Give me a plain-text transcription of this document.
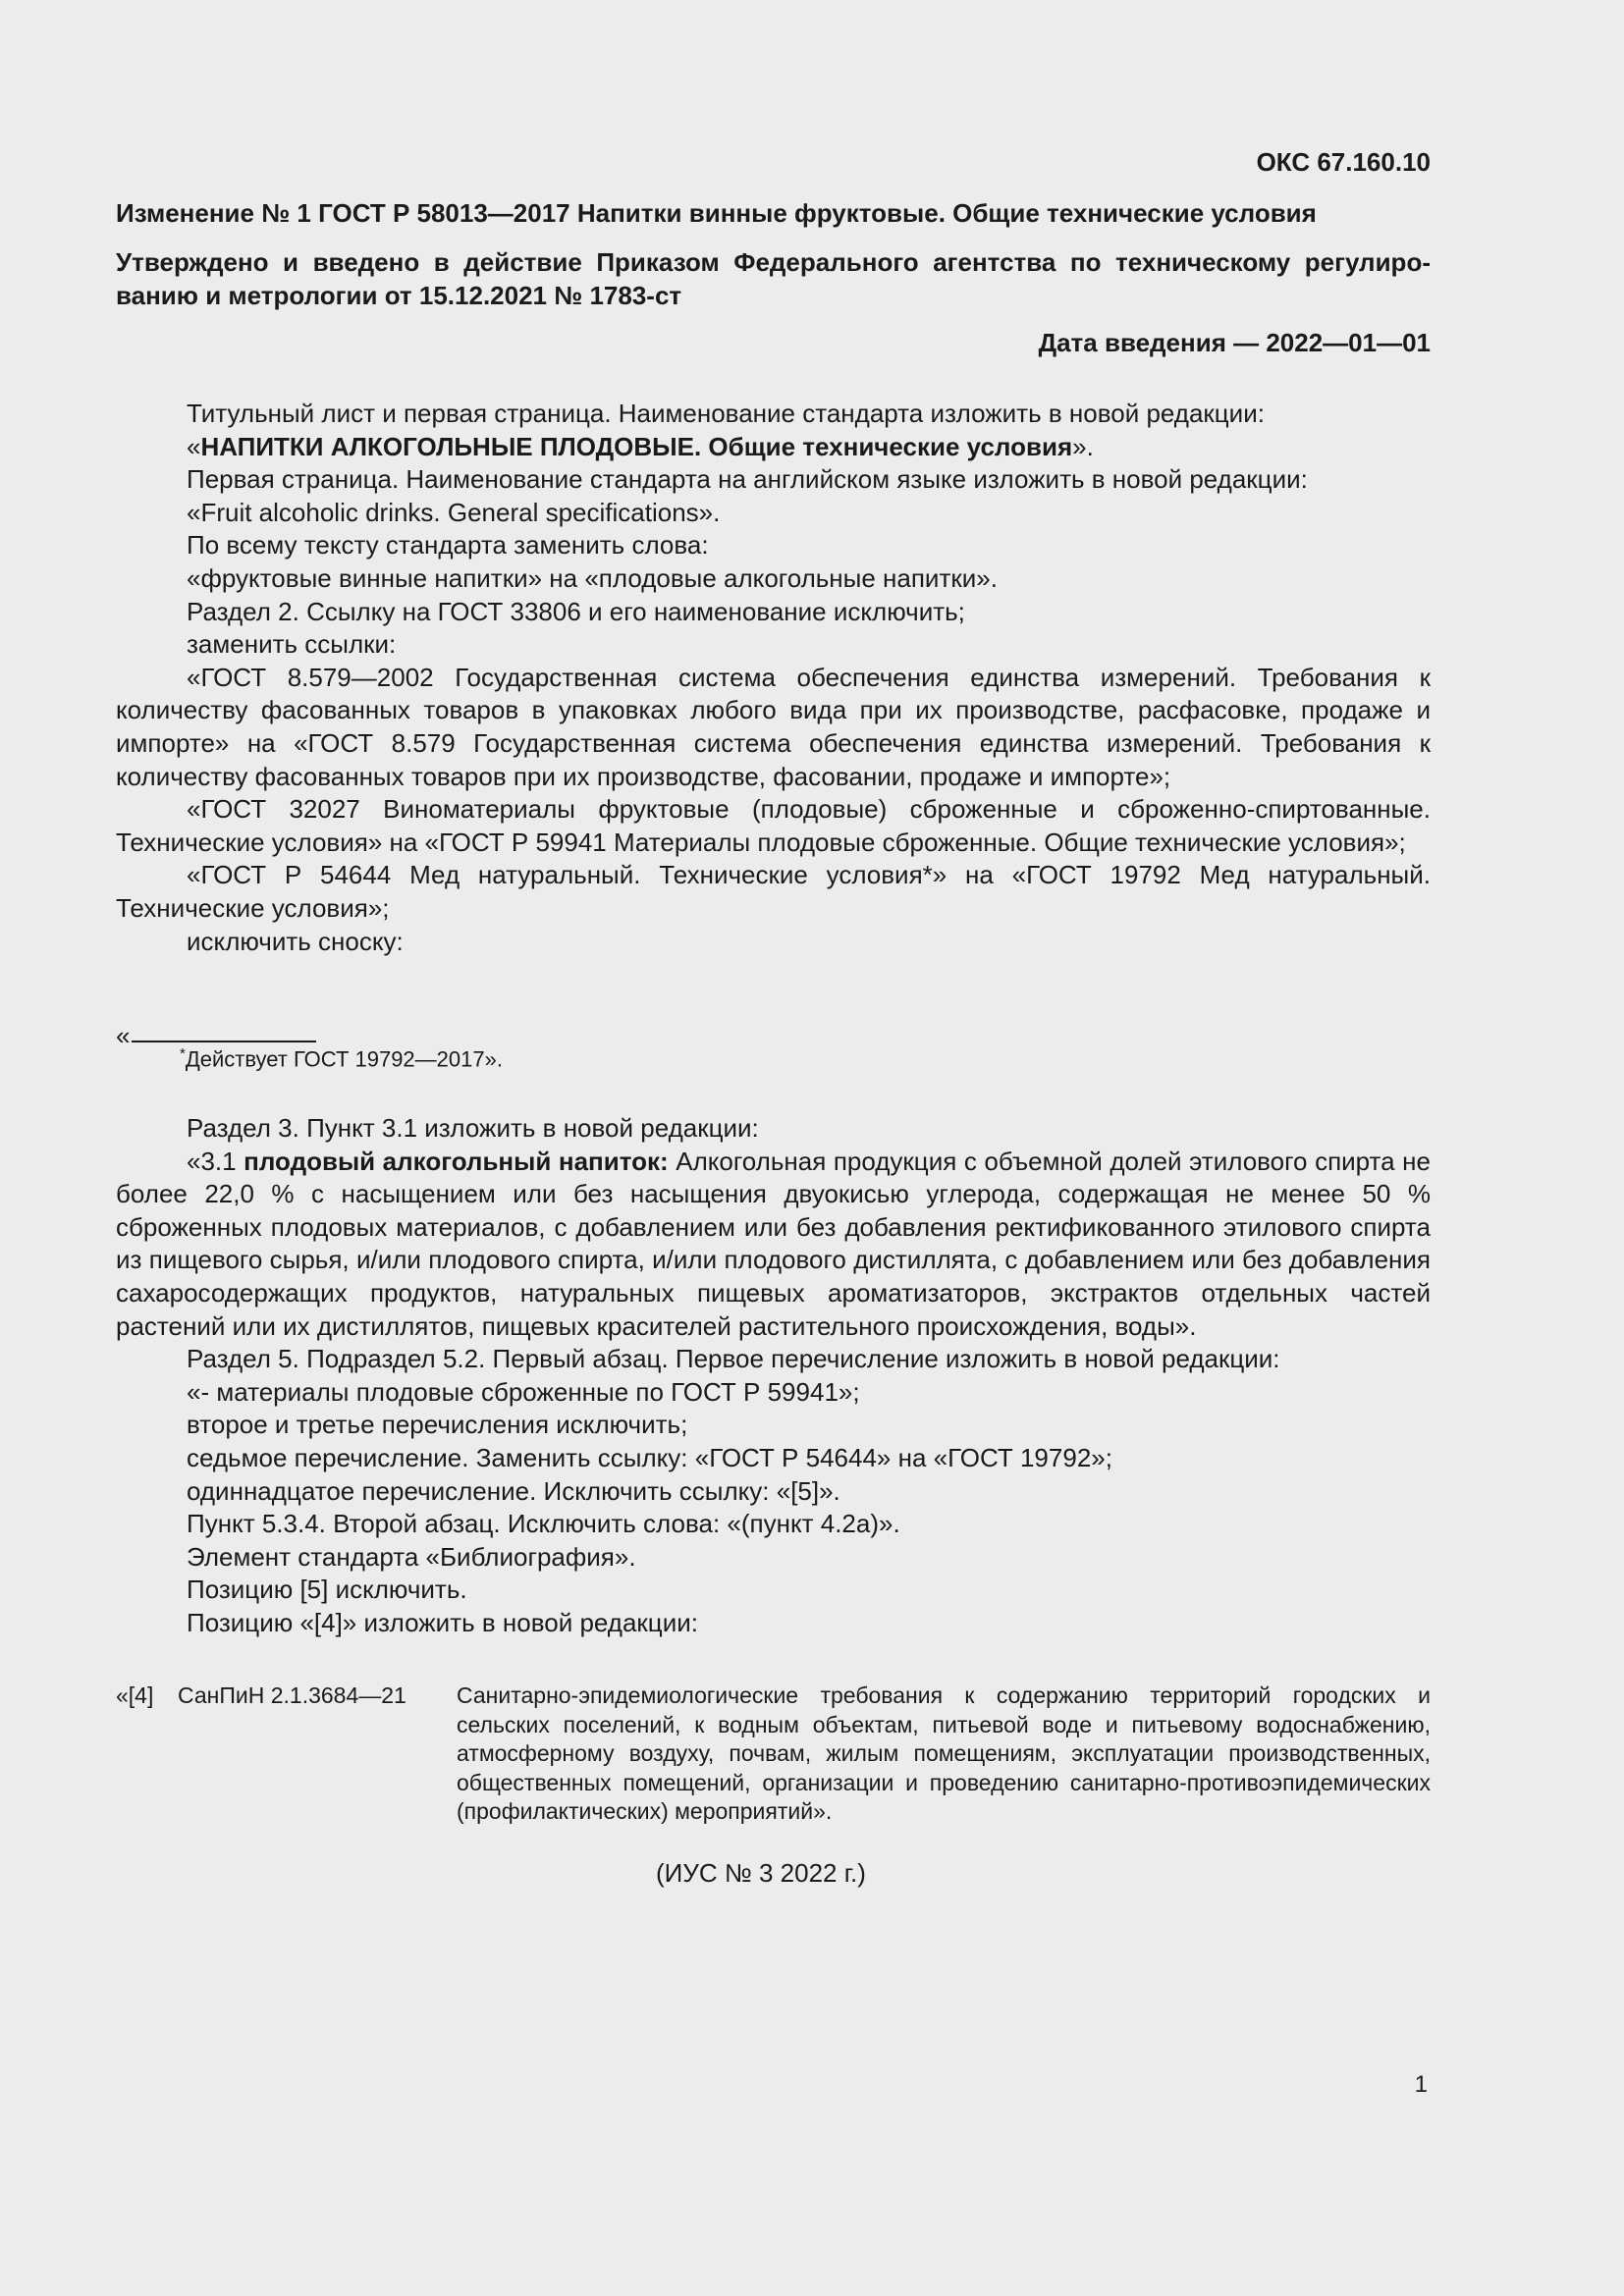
ОКС 67.160.10
Изменение № 1 ГОСТ Р 58013—2017 Напитки винные фруктовые. Общие технические условия
Утверждено и введено в действие Приказом Федерального агентства по техническому регулированию и метрологии от 15.12.2021 № 1783-ст
Дата введения — 2022—01—01

Титульный лист и первая страница. Наименование стандарта изложить в новой редакции:

«НАПИТКИ АЛКОГОЛЬНЫЕ ПЛОДОВЫЕ. Общие технические условия».

Первая страница. Наименование стандарта на английском языке изложить в новой редакции:

«Fruit alcoholic drinks. General specifications».

По всему тексту стандарта заменить слова:

«фруктовые винные напитки» на «плодовые алкогольные напитки».

Раздел 2. Ссылку на ГОСТ 33806 и его наименование исключить;

заменить ссылки:

«ГОСТ 8.579—2002 Государственная система обеспечения единства измерений. Требования к количеству фасованных товаров в упаковках любого вида при их производстве, расфасовке, продаже и импорте» на «ГОСТ 8.579 Государственная система обеспечения единства измерений. Требования к количеству фасованных товаров при их производстве, фасовании, продаже и импорте»;

«ГОСТ 32027 Виноматериалы фруктовые (плодовые) сброженные и сброженно-спиртованные. Технические условия» на «ГОСТ Р 59941 Материалы плодовые сброженные. Общие технические условия»;

«ГОСТ Р 54644 Мед натуральный. Технические условия*» на «ГОСТ 19792 Мед натуральный. Технические условия»;

исключить сноску:

«
*Действует ГОСТ 19792—2017».

Раздел 3. Пункт 3.1 изложить в новой редакции:

«3.1 плодовый алкогольный напиток: Алкогольная продукция с объемной долей этилового спирта не более 22,0 % с насыщением или без насыщения двуокисью углерода, содержащая не менее 50 % сброженных плодовых материалов, с добавлением или без добавления ректификованного этилового спирта из пищевого сырья, и/или плодового спирта, и/или плодового дистиллята, с добавлением или без добавления сахаросодержащих продуктов, натуральных пищевых ароматизаторов, экстрактов отдельных частей растений или их дистиллятов, пищевых красителей растительного происхождения, воды».

Раздел 5. Подраздел 5.2. Первый абзац. Первое перечисление изложить в новой редакции:

«- материалы плодовые сброженные по ГОСТ Р 59941»;

второе и третье перечисления исключить;

седьмое перечисление. Заменить ссылку: «ГОСТ Р 54644» на «ГОСТ 19792»;

одиннадцатое перечисление. Исключить ссылку: «[5]».

Пункт 5.3.4. Второй абзац. Исключить слова: «(пункт 4.2а)».

Элемент стандарта «Библиография».

Позицию [5] исключить.

Позицию «[4]» изложить в новой редакции:

«[4] СанПиН 2.1.3684—21 Санитарно-эпидемиологические требования к содержанию территорий городских и сельских поселений, к водным объектам, питьевой воде и питьевому водоснабжению, атмосферному воздуху, почвам, жилым помещениям, эксплуатации производственных, общественных помещений, организации и проведению санитарно-противоэпидемических (профилактических) мероприятий».
(ИУС № 3 2022 г.)
1
